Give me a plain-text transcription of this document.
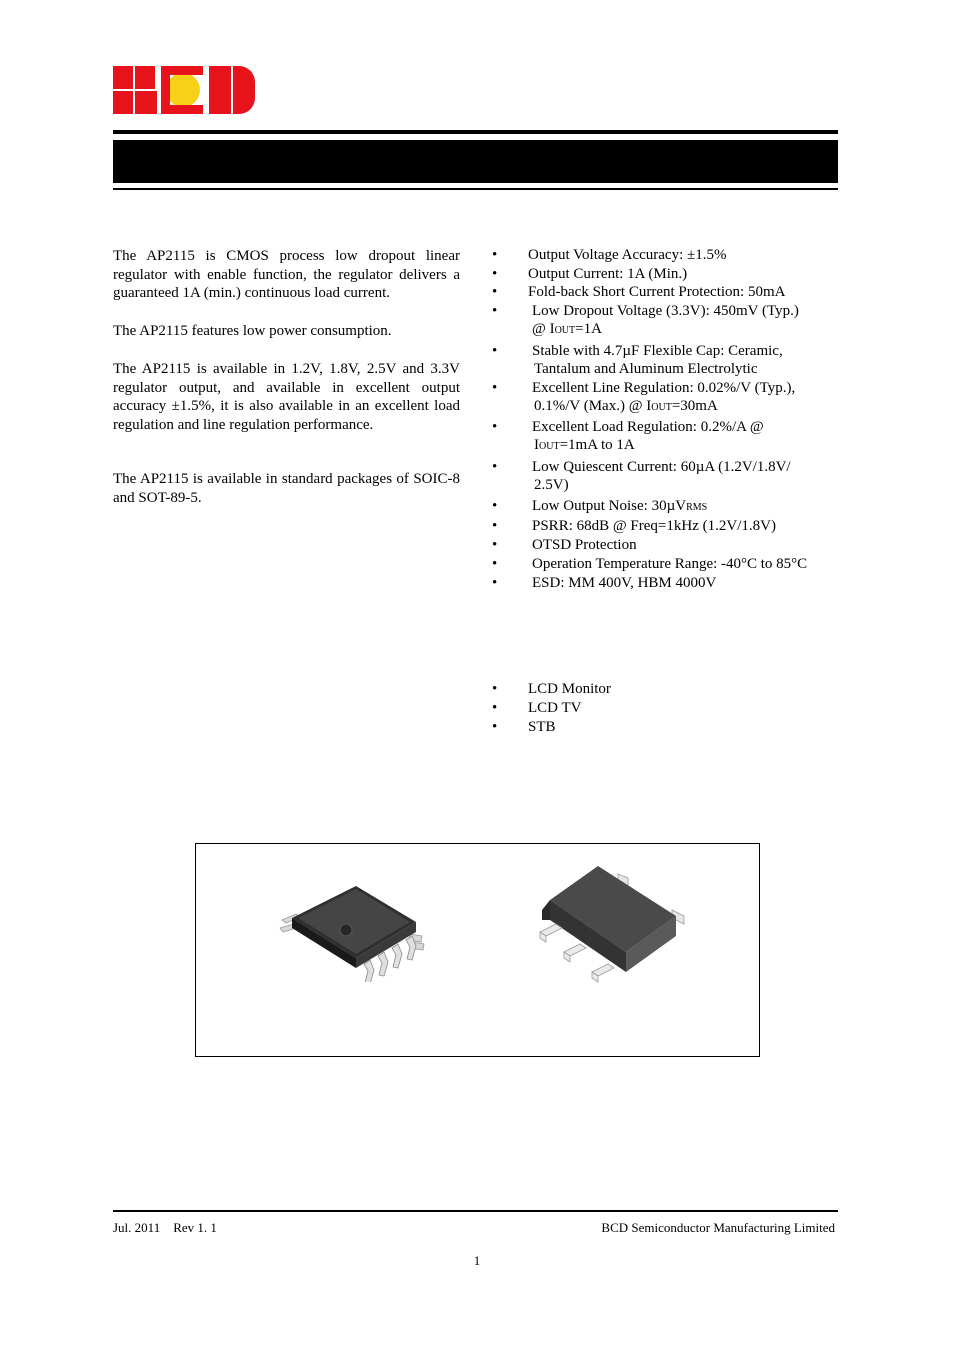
The AP2115 is CMOS process low dropout linear regulator with enable function, the regulator delivers a guaranteed 1A (min.) continuous load current.

The AP2115 features low power consumption.

The AP2115 is available in 1.2V, 1.8V, 2.5V and 3.3V regulator output, and available in excellent output accuracy ±1.5%, it is also available in an excellent load regulation and line regulation performance.

The AP2115 is available in standard packages of SOIC-8 and SOT-89-5.

•	Output Voltage Accuracy: ±1.5%
•	Output Current: 1A (Min.)
•	Fold-back Short Current Protection: 50mA
•	Low Dropout Voltage (3.3V): 450mV (Typ.)
@ IOUT=1A
•	Stable with 4.7µF Flexible Cap: Ceramic,
Tantalum and Aluminum Electrolytic
•	Excellent Line Regulation: 0.02%/V (Typ.),
0.1%/V (Max.) @ IOUT=30mA
•	Excellent Load Regulation: 0.2%/A @
IOUT=1mA to 1A
•	Low Quiescent Current: 60µA (1.2V/1.8V/
2.5V)
•	Low Output Noise: 30µVRMS
•	PSRR: 68dB @ Freq=1kHz (1.2V/1.8V)
•	OTSD Protection
•	Operation Temperature Range: -40°C to 85°C
•	ESD: MM 400V, HBM 4000V
•	LCD Monitor
•	LCD TV
•	STB
Jul. 2011    Rev 1. 1	BCD Semiconductor Manufacturing Limited
1
